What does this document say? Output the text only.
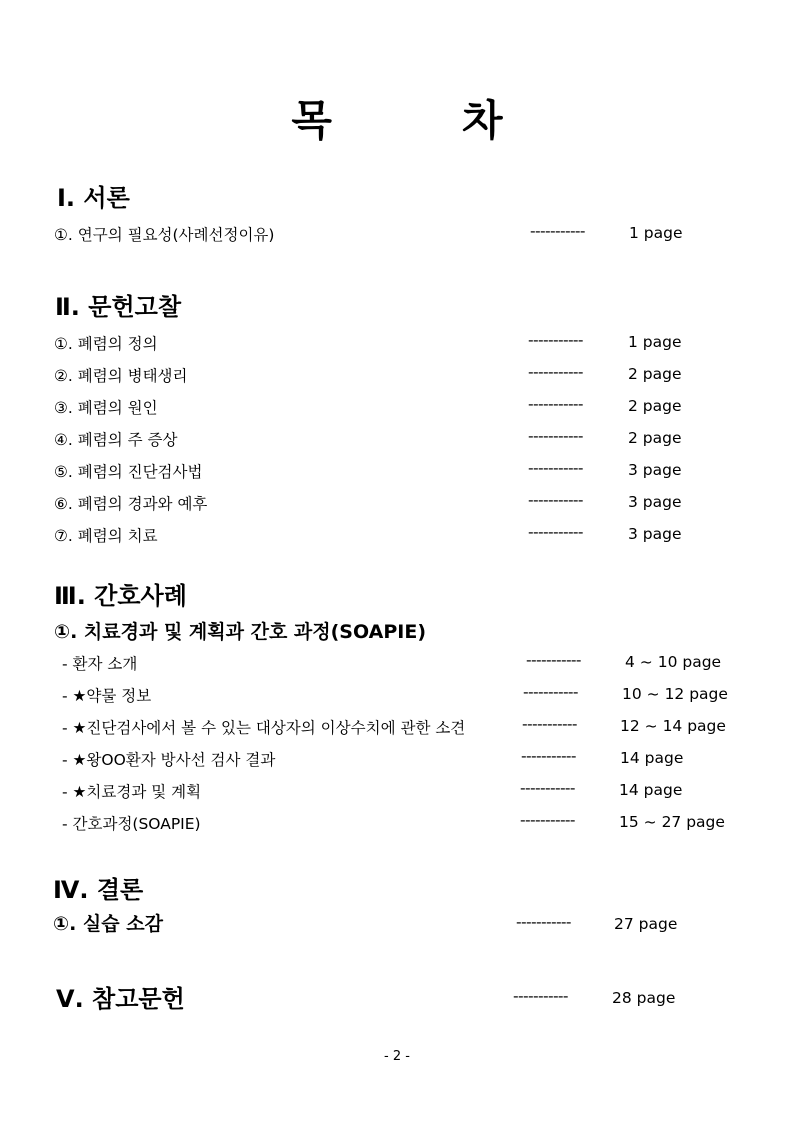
목	차
Ⅰ. 서론
①. 연구의 필요성(사례선정이유)	-----------	1 page
Ⅱ. 문헌고찰
①. 폐렴의 정의	-----------	1 page
②. 폐렴의 병태생리	-----------	2 page
③. 폐렴의 원인	-----------	2 page
④. 폐렴의 주 증상	-----------	2 page
⑤. 폐렴의 진단검사법	-----------	3 page
⑥. 폐렴의 경과와 예후	-----------	3 page
⑦. 폐렴의 치료	-----------	3 page
Ⅲ. 간호사례
①. 치료경과 및 계획과 간호 과정(SOAPIE)
- 환자 소개	-----------	4 ~ 10 page
- ★약물 정보	-----------	10 ~ 12 page
- ★진단검사에서 볼 수 있는 대상자의 이상수치에 관한 소견	-----------	12 ~ 14 page
- ★왕OO환자 방사선 검사 결과	-----------	14 page
- ★치료경과 및 계획	-----------	14 page
- 간호과정(SOAPIE)	-----------	15 ~ 27 page
Ⅳ. 결론
①. 실습 소감	-----------	27 page
Ⅴ. 참고문헌	-----------	28 page
- 2 -
